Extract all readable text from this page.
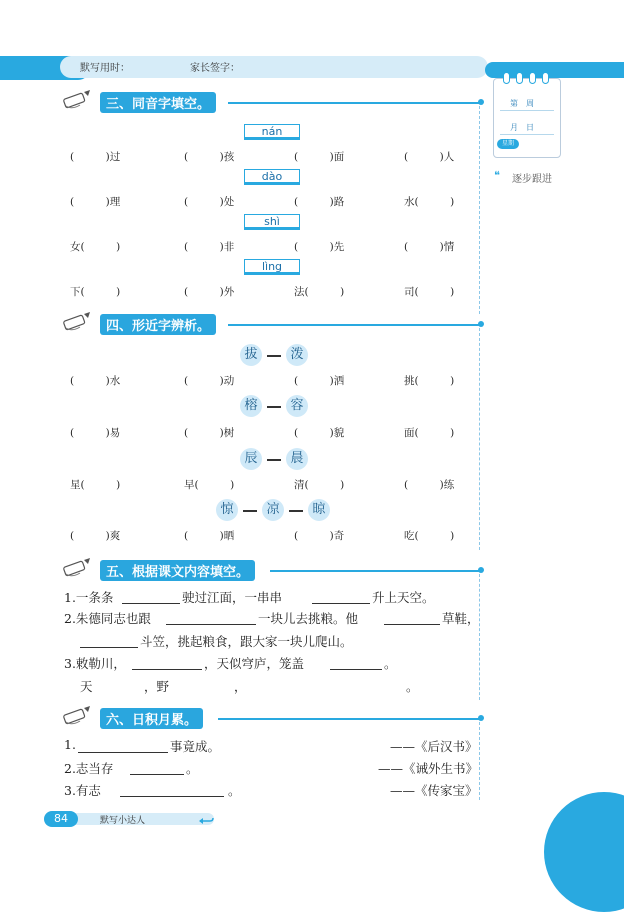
默写用时：	家长签字：
第　周
月　日
星期
❝ 逐步跟进
三、同音字填空。
nán
(　　　)过	(　　　)孩	(　　　)面	(　　　)人
dào
(　　　)理	(　　　)处	(　　　)路	水(　　　)
shì
女(　　　)	(　　　)非	(　　　)先	(　　　)情
lìng
下(　　　)	(　　　)外	法(　　　)	司(　　　)
四、形近字辨析。
拔	泼
(　　　)水	(　　　)动	(　　　)洒	挑(　　　)
榕	容
(　　　)易	(　　　)树	(　　　)貌	面(　　　)
辰	晨
星(　　　)	早(　　　)	清(　　　)	(　　　)练
惊	凉	晾
(　　　)爽	(　　　)晒	(　　　)奇	吃(　　　)
五、根据课文内容填空。
1.一条条	驶过江面，一串串	升上天空。
2.朱德同志也跟	一块儿去挑粮。他	草鞋，
斗笠，挑起粮食，跟大家一块儿爬山。
3.敕勒川，	，天似穹庐，笼盖	。
天	，野	，	。
六、日积月累。
1.	事竟成。	——《后汉书》
2.志当存	。	——《诫外生书》
3.有志	。	——《传家宝》
84	默写小达人
